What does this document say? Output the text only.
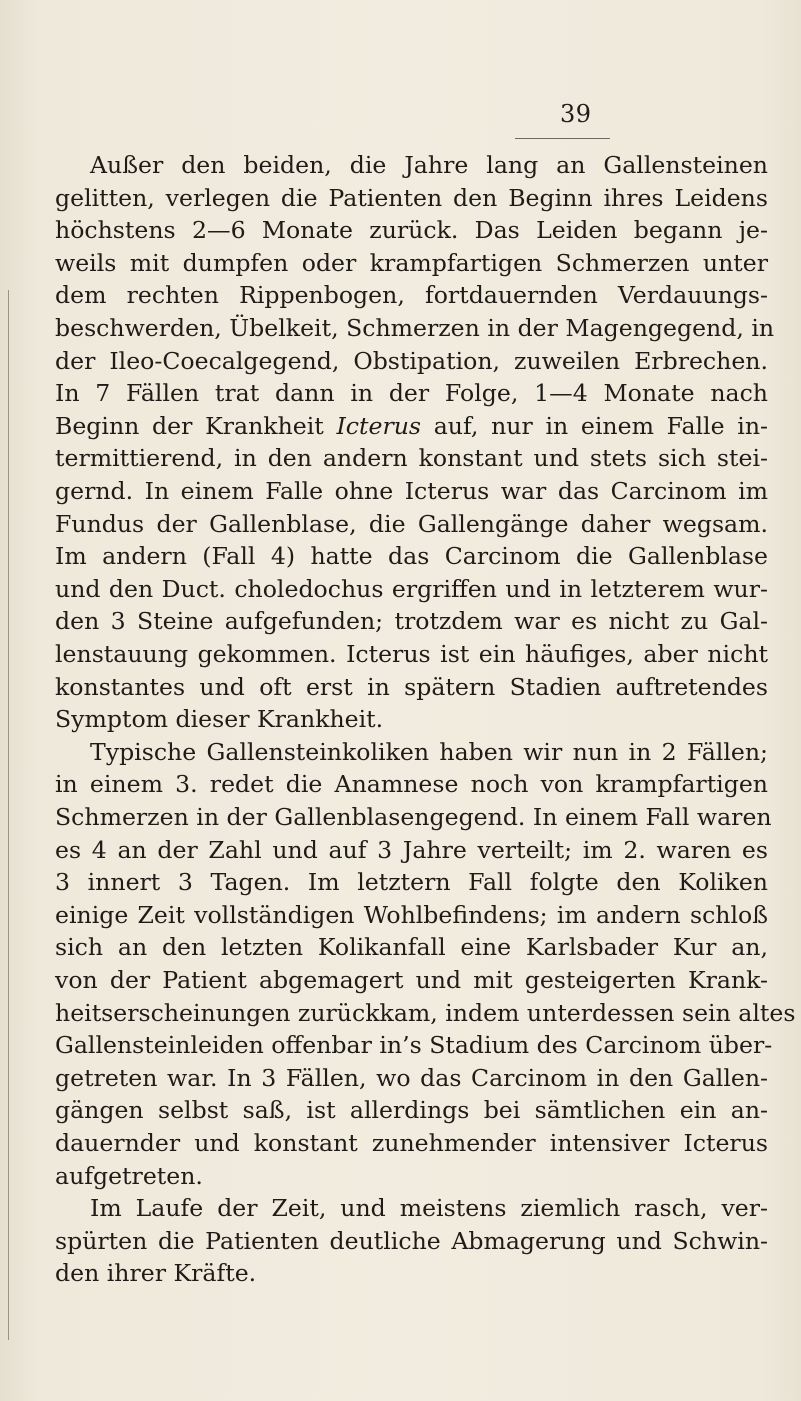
39
Außer den beiden, die Jahre lang an Gallensteinen
gelitten, verlegen die Patienten den Beginn ihres Leidens
höchstens 2—6 Monate zurück. Das Leiden begann je-
weils mit dumpfen oder krampfartigen Schmerzen unter
dem rechten Rippenbogen, fortdauernden Verdauungs-
beschwerden, Übelkeit, Schmerzen in der Magengegend, in
der Ileo-Coecalgegend, Obstipation, zuweilen Erbrechen.
In 7 Fällen trat dann in der Folge, 1—4 Monate nach
Beginn der Krankheit Icterus auf, nur in einem Falle in-
termittierend, in den andern konstant und stets sich stei-
gernd. In einem Falle ohne Icterus war das Carcinom im
Fundus der Gallenblase, die Gallengänge daher wegsam.
Im andern (Fall 4) hatte das Carcinom die Gallenblase
und den Duct. choledochus ergriffen und in letzterem wur-
den 3 Steine aufgefunden; trotzdem war es nicht zu Gal-
lenstauung gekommen. Icterus ist ein häufiges, aber nicht
konstantes und oft erst in spätern Stadien auftretendes
Symptom dieser Krankheit.
Typische Gallensteinkoliken haben wir nun in 2 Fällen;
in einem 3. redet die Anamnese noch von krampfartigen
Schmerzen in der Gallenblasengegend. In einem Fall waren
es 4 an der Zahl und auf 3 Jahre verteilt; im 2. waren es
3 innert 3 Tagen. Im letztern Fall folgte den Koliken
einige Zeit vollständigen Wohlbefindens; im andern schloß
sich an den letzten Kolikanfall eine Karlsbader Kur an,
von der Patient abgemagert und mit gesteigerten Krank-
heitserscheinungen zurückkam, indem unterdessen sein altes
Gallensteinleiden offenbar in’s Stadium des Carcinom über-
getreten war. In 3 Fällen, wo das Carcinom in den Gallen-
gängen selbst saß, ist allerdings bei sämtlichen ein an-
dauernder und konstant zunehmender intensiver Icterus
aufgetreten.
Im Laufe der Zeit, und meistens ziemlich rasch, ver-
spürten die Patienten deutliche Abmagerung und Schwin-
den ihrer Kräfte.
